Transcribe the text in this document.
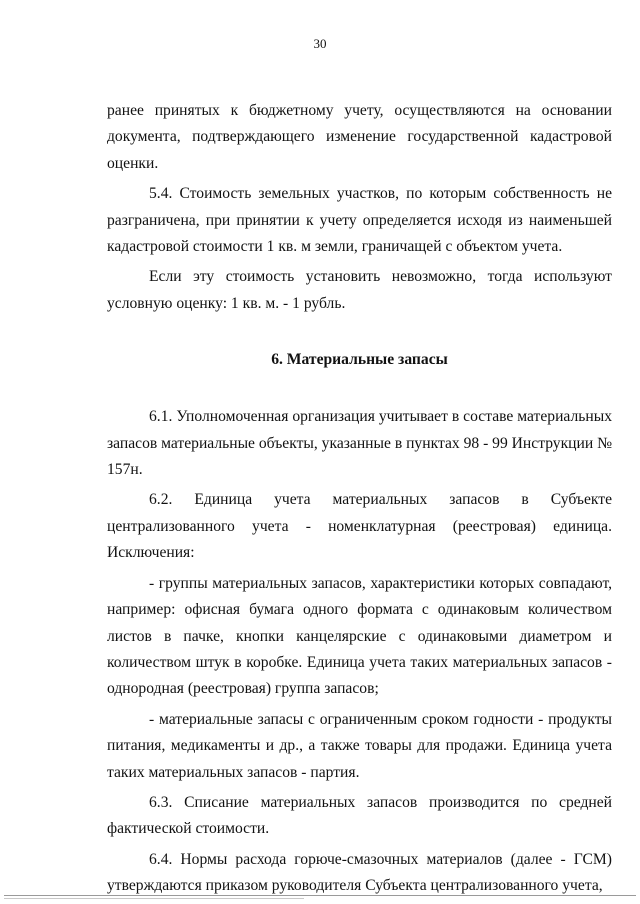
30

ранее принятых к бюджетному учету, осуществляются на основании документа, подтверждающего изменение государственной кадастровой оценки.

5.4. Стоимость земельных участков, по которым собственность не разграничена, при принятии к учету определяется исходя из наименьшей кадастровой стоимости 1 кв. м земли, граничащей с объектом учета.

Если эту стоимость установить невозможно, тогда используют условную оценку: 1 кв. м. - 1 рубль.

6. Материальные запасы

6.1. Уполномоченная организация учитывает в составе материальных запасов материальные объекты, указанные в пунктах 98 - 99 Инструкции № 157н.

6.2. Единица учета материальных запасов в Субъекте централизованного учета - номенклатурная (реестровая) единица. Исключения:

- группы материальных запасов, характеристики которых совпадают, например: офисная бумага одного формата с одинаковым количеством листов в пачке, кнопки канцелярские с одинаковыми диаметром и количеством штук в коробке. Единица учета таких материальных запасов - однородная (реестровая) группа запасов;

- материальные запасы с ограниченным сроком годности - продукты питания, медикаменты и др., а также товары для продажи. Единица учета таких материальных запасов - партия.

6.3. Списание материальных запасов производится по средней фактической стоимости.

6.4. Нормы расхода горюче-смазочных материалов (далее - ГСМ) утверждаются приказом руководителя Субъекта централизованного учета,
